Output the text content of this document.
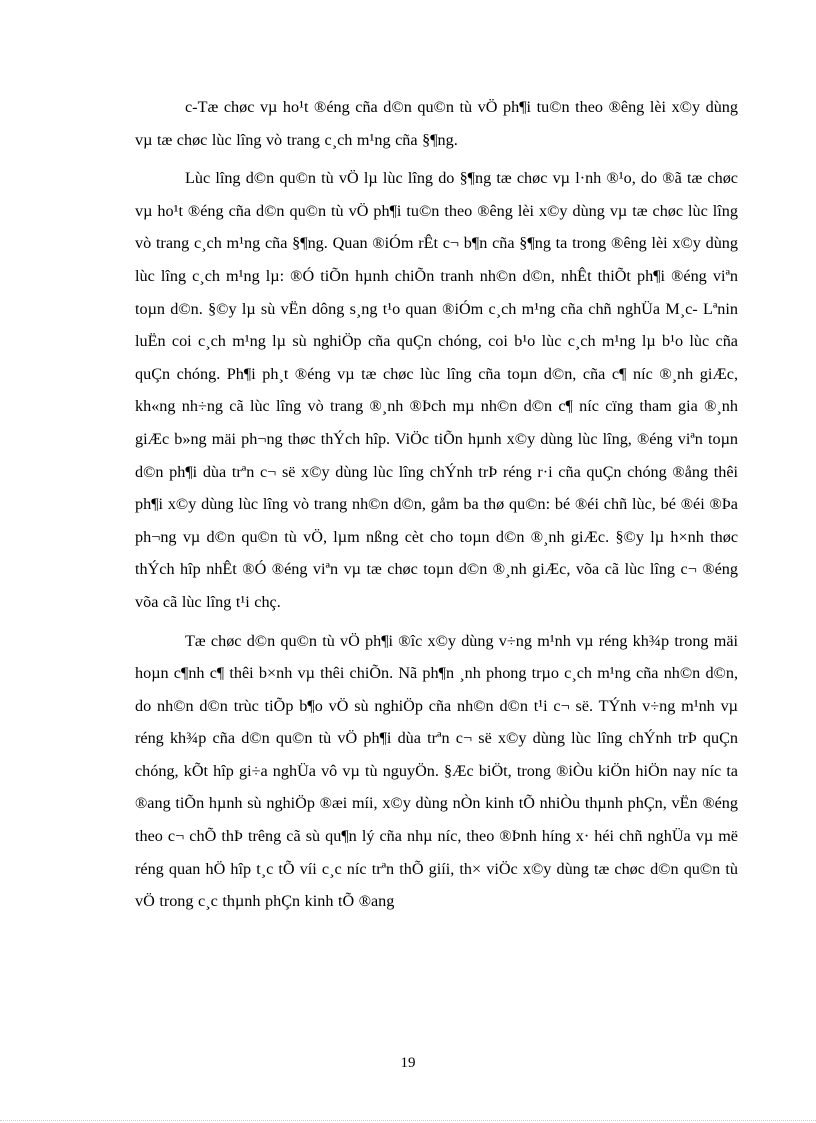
c-Tæ chøc vµ ho¹t ®éng cña d©n qu©n tù vÖ ph¶i tu©n theo ®êng lèi x©y dùng vµ tæ chøc lùc lîng vò trang c¸ch m¹ng cña §¶ng.

Lùc lîng d©n qu©n tù vÖ lµ lùc lîng do §¶ng tæ chøc vµ l·nh ®¹o, do ®ã tæ chøc vµ ho¹t ®éng cña d©n qu©n tù vÖ ph¶i tu©n theo ®êng lèi x©y dùng vµ tæ chøc lùc lîng vò trang c¸ch m¹ng cña §¶ng. Quan ®iÓm rÊt c¬ b¶n cña §¶ng ta trong ®êng lèi x©y dùng lùc lîng c¸ch m¹ng lµ: ®Ó tiÕn hµnh chiÕn tranh nh©n d©n, nhÊt thiÕt ph¶i ®éng viªn toµn d©n. §©y lµ sù vËn dông s¸ng t¹o quan ®iÓm c¸ch m¹ng cña chñ nghÜa M¸c- Lªnin luËn coi c¸ch m¹ng lµ sù nghiÖp cña quÇn chóng, coi b¹o lùc c¸ch m¹ng lµ b¹o lùc cña quÇn chóng. Ph¶i ph¸t ®éng vµ tæ chøc lùc lîng cña toµn d©n, cña c¶ níc ®¸nh giÆc, kh«ng nh÷ng cã lùc lîng vò trang ®¸nh ®Þch mµ nh©n d©n c¶ níc cïng tham gia ®¸nh giÆc b»ng mäi ph¬ng thøc thÝch hîp. ViÖc tiÕn hµnh x©y dùng lùc lîng, ®éng viªn toµn d©n ph¶i dùa trªn c¬ së x©y dùng lùc lîng chÝnh trÞ réng r·i cña quÇn chóng ®ång thêi ph¶i x©y dùng lùc lîng vò trang nh©n d©n, gåm ba thø qu©n: bé ®éi chñ lùc, bé ®éi ®Þa ph¬ng vµ d©n qu©n tù vÖ, lµm nßng cèt cho toµn d©n ®¸nh giÆc. §©y lµ h×nh thøc thÝch hîp nhÊt ®Ó ®éng viªn vµ tæ chøc toµn d©n ®¸nh giÆc, võa cã lùc lîng c¬ ®éng võa cã lùc lîng t¹i chç.

Tæ chøc d©n qu©n tù vÖ ph¶i ®îc x©y dùng v÷ng m¹nh vµ réng kh¾p trong mäi hoµn c¶nh c¶ thêi b×nh vµ thêi chiÕn. Nã ph¶n ¸nh phong trµo c¸ch m¹ng cña nh©n d©n, do nh©n d©n trùc tiÕp b¶o vÖ sù nghiÖp cña nh©n d©n t¹i c¬ së. TÝnh v÷ng m¹nh vµ réng kh¾p cña d©n qu©n tù vÖ ph¶i dùa trªn c¬ së x©y dùng lùc lîng chÝnh trÞ quÇn chóng, kÕt hîp gi÷a nghÜa vô vµ tù nguyÖn. §Æc biÖt, trong ®iÒu kiÖn hiÖn nay níc ta ®ang tiÕn hµnh sù nghiÖp ®æi míi, x©y dùng nÒn kinh tÕ nhiÒu thµnh phÇn, vËn ®éng theo c¬ chÕ thÞ trêng cã sù qu¶n lý cña nhµ níc, theo ®Þnh híng x· héi chñ nghÜa vµ më réng quan hÖ hîp t¸c tÕ víi c¸c níc trªn thÕ giíi, th× viÖc x©y dùng tæ chøc d©n qu©n tù vÖ trong c¸c thµnh phÇn kinh tÕ ®ang

19
